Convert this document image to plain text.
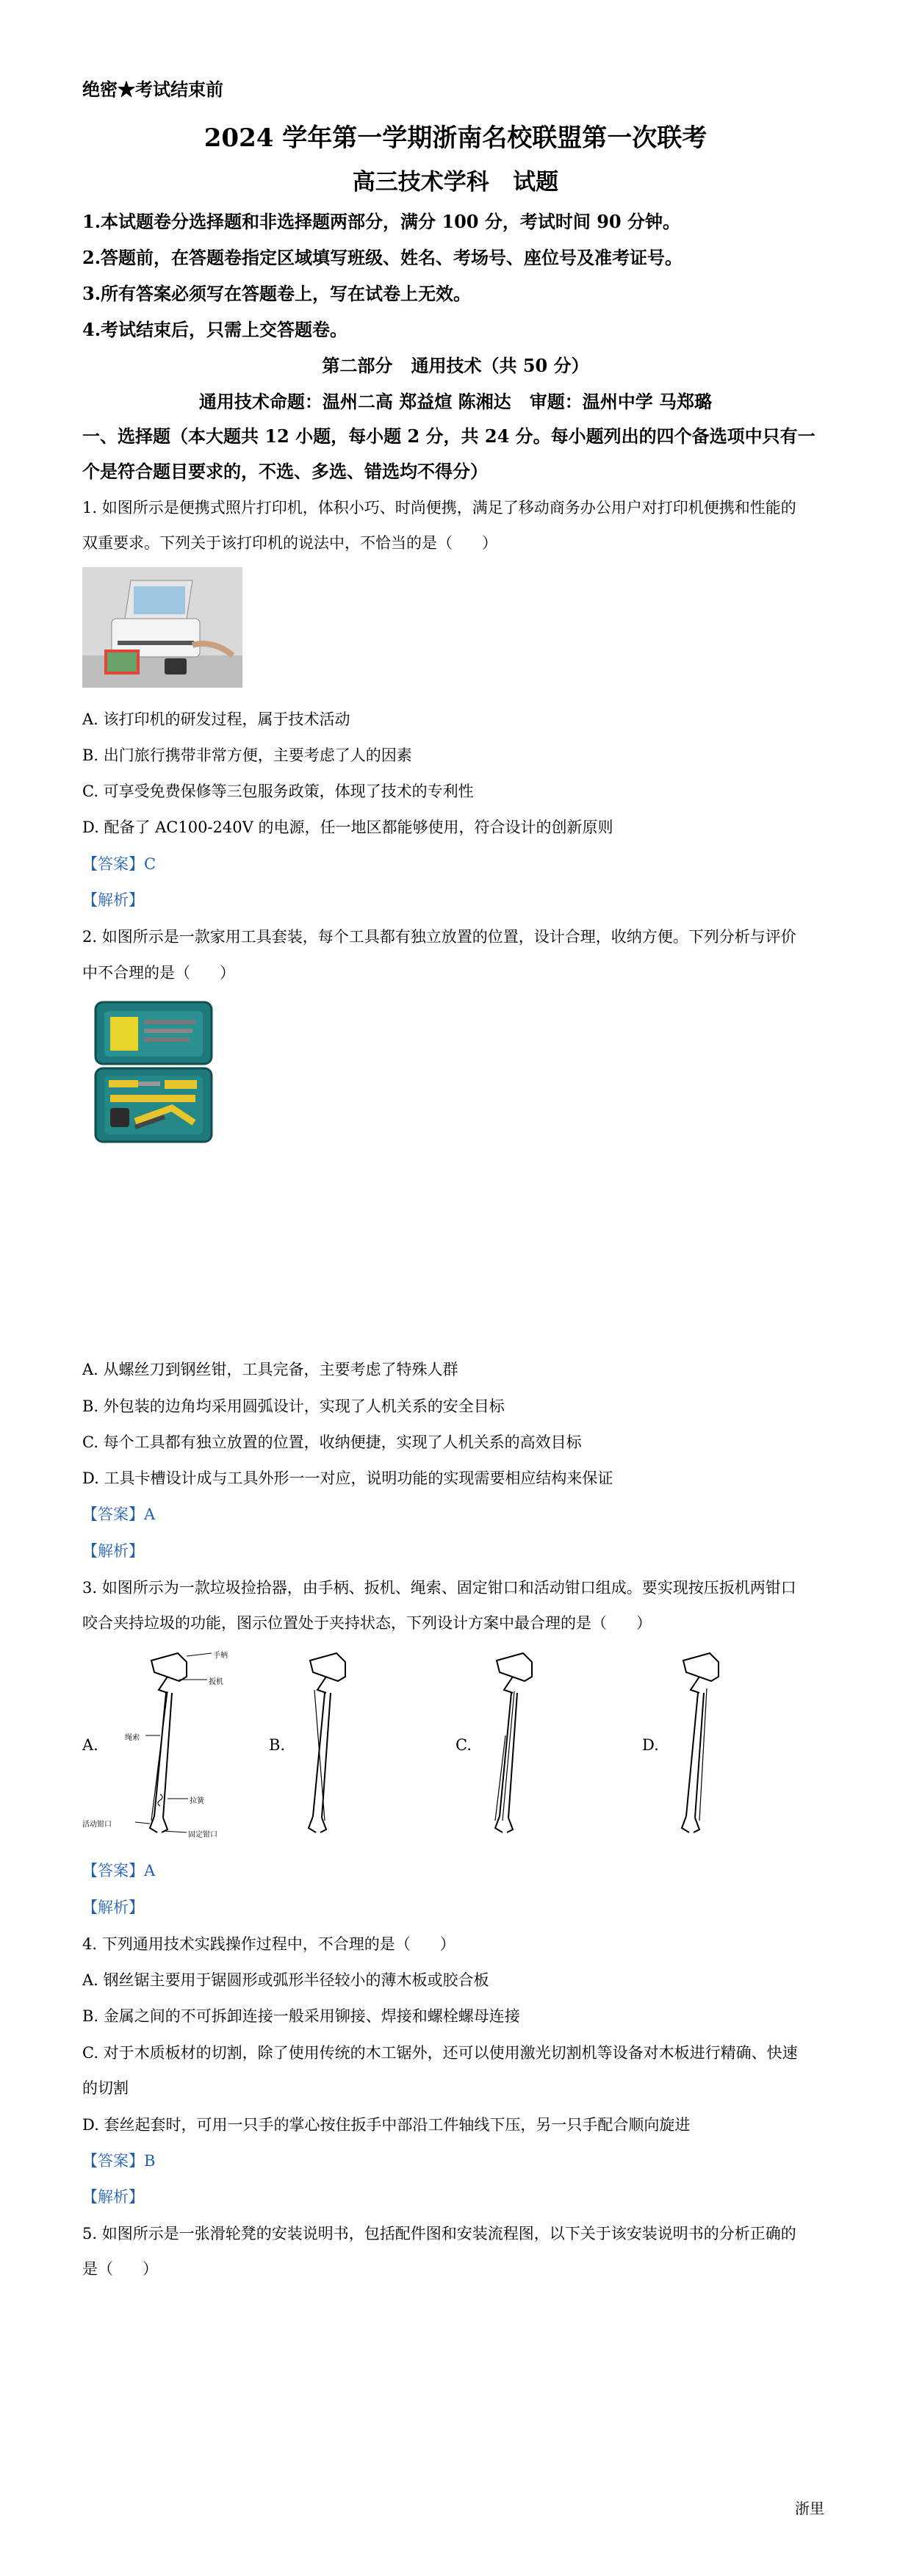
绝密★考试结束前
2024 学年第一学期浙南名校联盟第一次联考
高三技术学科   试题
1.本试题卷分选择题和非选择题两部分，满分 100 分，考试时间 90 分钟。
2.答题前，在答题卷指定区域填写班级、姓名、考场号、座位号及准考证号。
3.所有答案必须写在答题卷上，写在试卷上无效。
4.考试结束后，只需上交答题卷。
第二部分   通用技术（共 50 分）
通用技术命题：温州二高 郑益煊 陈湘达   审题：温州中学 马郑璐
一、选择题（本大题共 12 小题，每小题 2 分，共 24 分。每小题列出的四个备选项中只有一
个是符合题目要求的，不选、多选、错选均不得分）
1. 如图所示是便携式照片打印机，体积小巧、时尚便携，满足了移动商务办公用户对打印机便携和性能的
双重要求。下列关于该打印机的说法中，不恰当的是（      ）
A. 该打印机的研发过程，属于技术活动
B. 出门旅行携带非常方便，主要考虑了人的因素
C. 可享受免费保修等三包服务政策，体现了技术的专利性
D. 配备了 AC100-240V 的电源，任一地区都能够使用，符合设计的创新原则
【答案】C
【解析】
2. 如图所示是一款家用工具套装，每个工具都有独立放置的位置，设计合理，收纳方便。下列分析与评价
中不合理的是（      ）
A. 从螺丝刀到钢丝钳，工具完备，主要考虑了特殊人群
B. 外包装的边角均采用圆弧设计，实现了人机关系的安全目标
C. 每个工具都有独立放置的位置，收纳便捷，实现了人机关系的高效目标
D. 工具卡槽设计成与工具外形一一对应，说明功能的实现需要相应结构来保证
【答案】A
【解析】
3. 如图所示为一款垃圾捡拾器，由手柄、扳机、绳索、固定钳口和活动钳口组成。要实现按压扳机两钳口
咬合夹持垃圾的功能，图示位置处于夹持状态，下列设计方案中最合理的是（      ）
A.	B.	C.	D.
手柄
扳机
绳索
拉簧
活动钳口
固定钳口
【答案】A
【解析】
4. 下列通用技术实践操作过程中，不合理的是（      ）
A. 钢丝锯主要用于锯圆形或弧形半径较小的薄木板或胶合板
B. 金属之间的不可拆卸连接一般采用铆接、焊接和螺栓螺母连接
C. 对于木质板材的切割，除了使用传统的木工锯外，还可以使用激光切割机等设备对木板进行精确、快速
的切割
D. 套丝起套时，可用一只手的掌心按住扳手中部沿工件轴线下压，另一只手配合顺向旋进
【答案】B
【解析】
5. 如图所示是一张滑轮凳的安装说明书，包括配件图和安装流程图，以下关于该安装说明书的分析正确的
是（      ）
浙里
